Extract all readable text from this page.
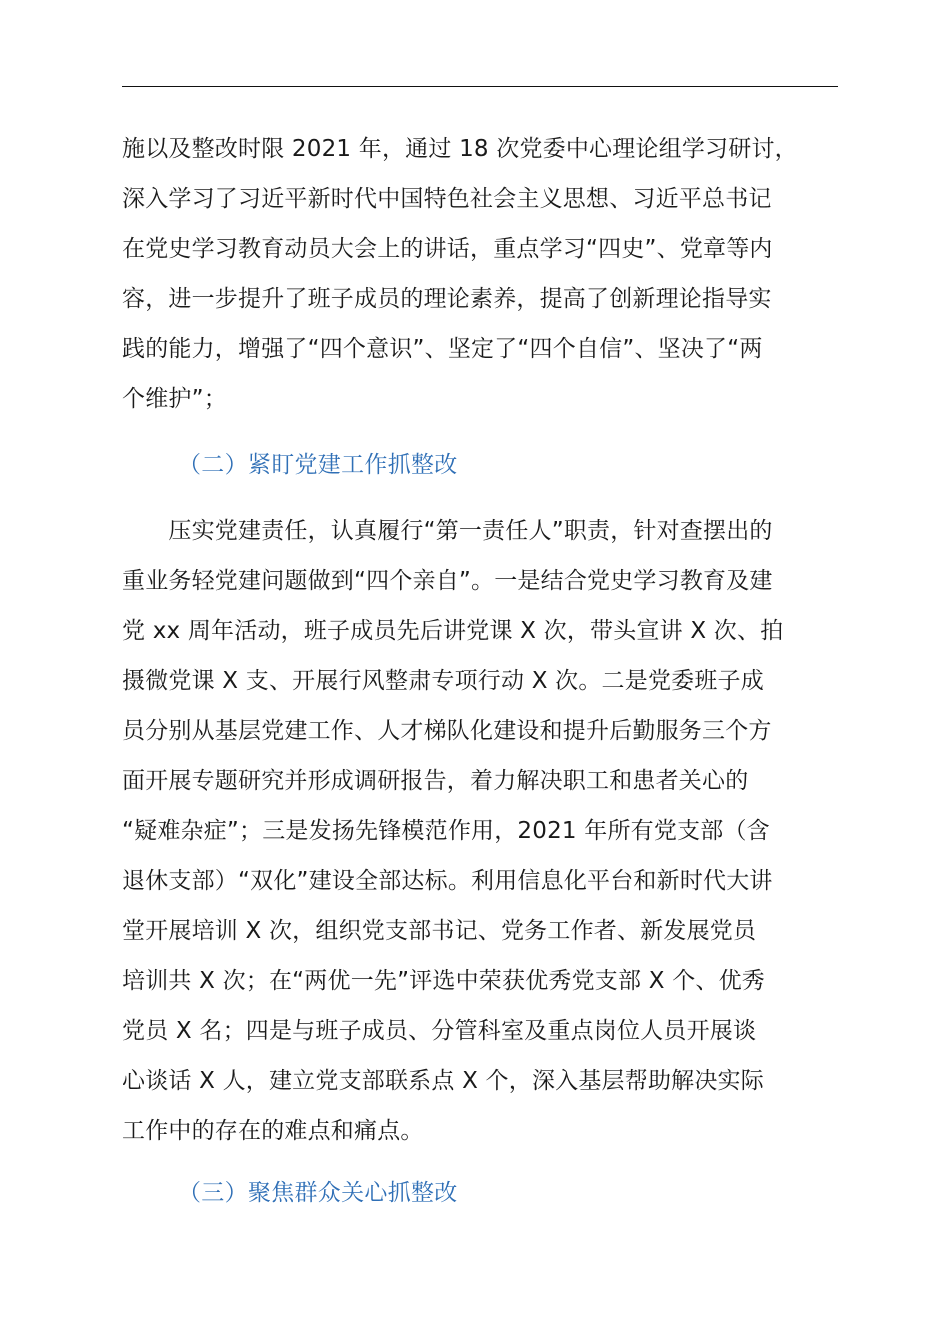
施以及整改时限 2021 年，通过 18 次党委中心理论组学习研讨，
深入学习了习近平新时代中国特色社会主义思想、习近平总书记
在党史学习教育动员大会上的讲话，重点学习“四史”、党章等内
容，进一步提升了班子成员的理论素养，提高了创新理论指导实
践的能力，增强了“四个意识”、坚定了“四个自信”、坚决了“两
个维护”；
（二）紧盯党建工作抓整改
　　压实党建责任，认真履行“第一责任人”职责，针对查摆出的
重业务轻党建问题做到“四个亲自”。一是结合党史学习教育及建
党 xx 周年活动，班子成员先后讲党课 X 次，带头宣讲 X 次、拍
摄微党课 X 支、开展行风整肃专项行动 X 次。二是党委班子成
员分别从基层党建工作、人才梯队化建设和提升后勤服务三个方
面开展专题研究并形成调研报告，着力解决职工和患者关心的
“疑难杂症”；三是发扬先锋模范作用，2021 年所有党支部（含
退休支部）“双化”建设全部达标。利用信息化平台和新时代大讲
堂开展培训 X 次，组织党支部书记、党务工作者、新发展党员
培训共 X 次；在“两优一先”评选中荣获优秀党支部 X 个、优秀
党员 X 名；四是与班子成员、分管科室及重点岗位人员开展谈
心谈话 X 人，建立党支部联系点 X 个，深入基层帮助解决实际
工作中的存在的难点和痛点。
（三）聚焦群众关心抓整改
